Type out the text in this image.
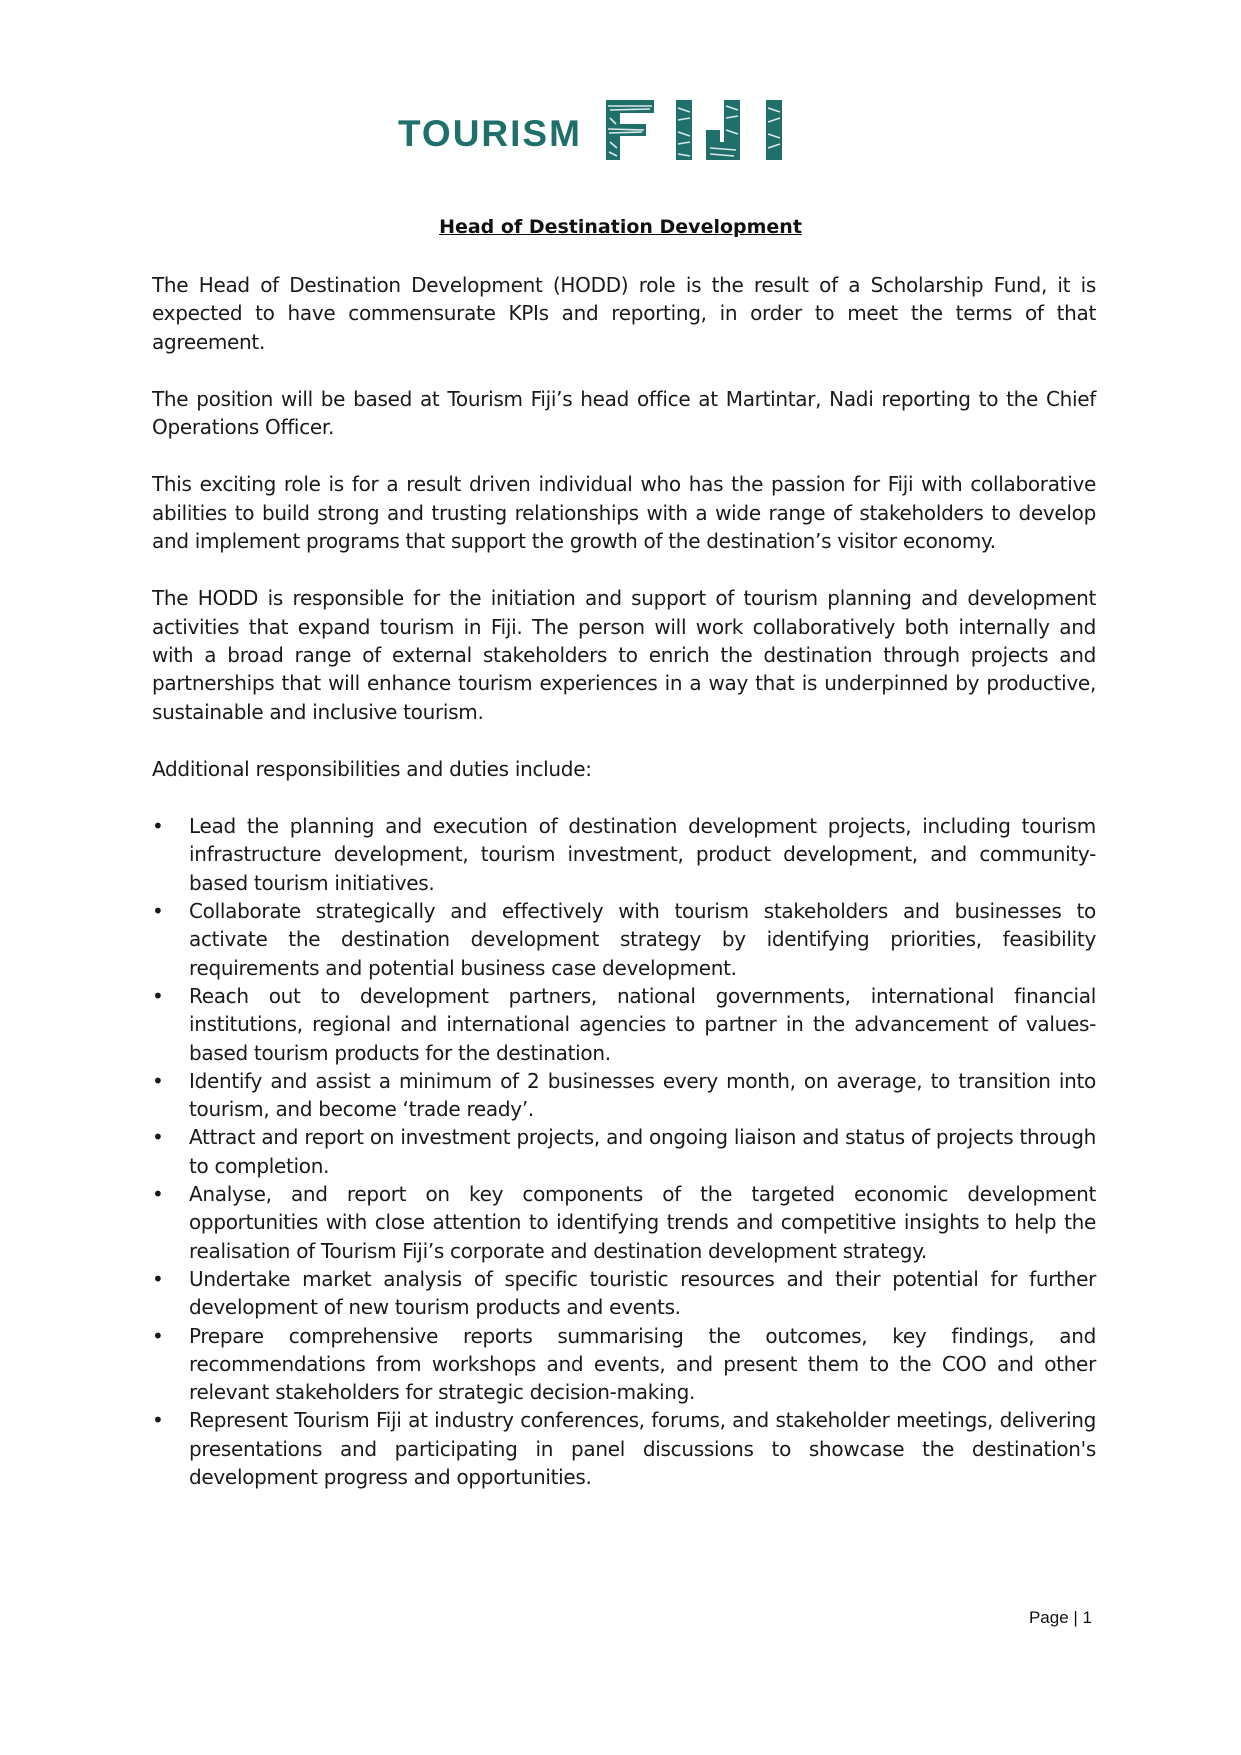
TOURISM
Head of Destination Development

The Head of Destination Development (HODD) role is the result of a Scholarship Fund, it is expected to have commensurate KPIs and reporting, in order to meet the terms of that agreement.

The position will be based at Tourism Fiji’s head office at Martintar, Nadi reporting to the Chief Operations Officer.

This exciting role is for a result driven individual who has the passion for Fiji with collaborative abilities to build strong and trusting relationships with a wide range of stakeholders to develop and implement programs that support the growth of the destination’s visitor economy.

The HODD is responsible for the initiation and support of tourism planning and development activities that expand tourism in Fiji. The person will work collaboratively both internally and with a broad range of external stakeholders to enrich the destination through projects and partnerships that will enhance tourism experiences in a way that is underpinned by productive, sustainable and inclusive tourism.

Additional responsibilities and duties include:

• Lead the planning and execution of destination development projects, including tourism infrastructure development, tourism investment, product development, and community-based tourism initiatives.
• Collaborate strategically and effectively with tourism stakeholders and businesses to activate the destination development strategy by identifying priorities, feasibility requirements and potential business case development.
• Reach out to development partners, national governments, international financial institutions, regional and international agencies to partner in the advancement of values-based tourism products for the destination.
• Identify and assist a minimum of 2 businesses every month, on average, to transition into tourism, and become ‘trade ready’.
• Attract and report on investment projects, and ongoing liaison and status of projects through to completion.
• Analyse, and report on key components of the targeted economic development opportunities with close attention to identifying trends and competitive insights to help the realisation of Tourism Fiji’s corporate and destination development strategy.
• Undertake market analysis of specific touristic resources and their potential for further development of new tourism products and events.
• Prepare comprehensive reports summarising the outcomes, key findings, and recommendations from workshops and events, and present them to the COO and other relevant stakeholders for strategic decision-making.
• Represent Tourism Fiji at industry conferences, forums, and stakeholder meetings, delivering presentations and participating in panel discussions to showcase the destination's development progress and opportunities.
Page | 1
